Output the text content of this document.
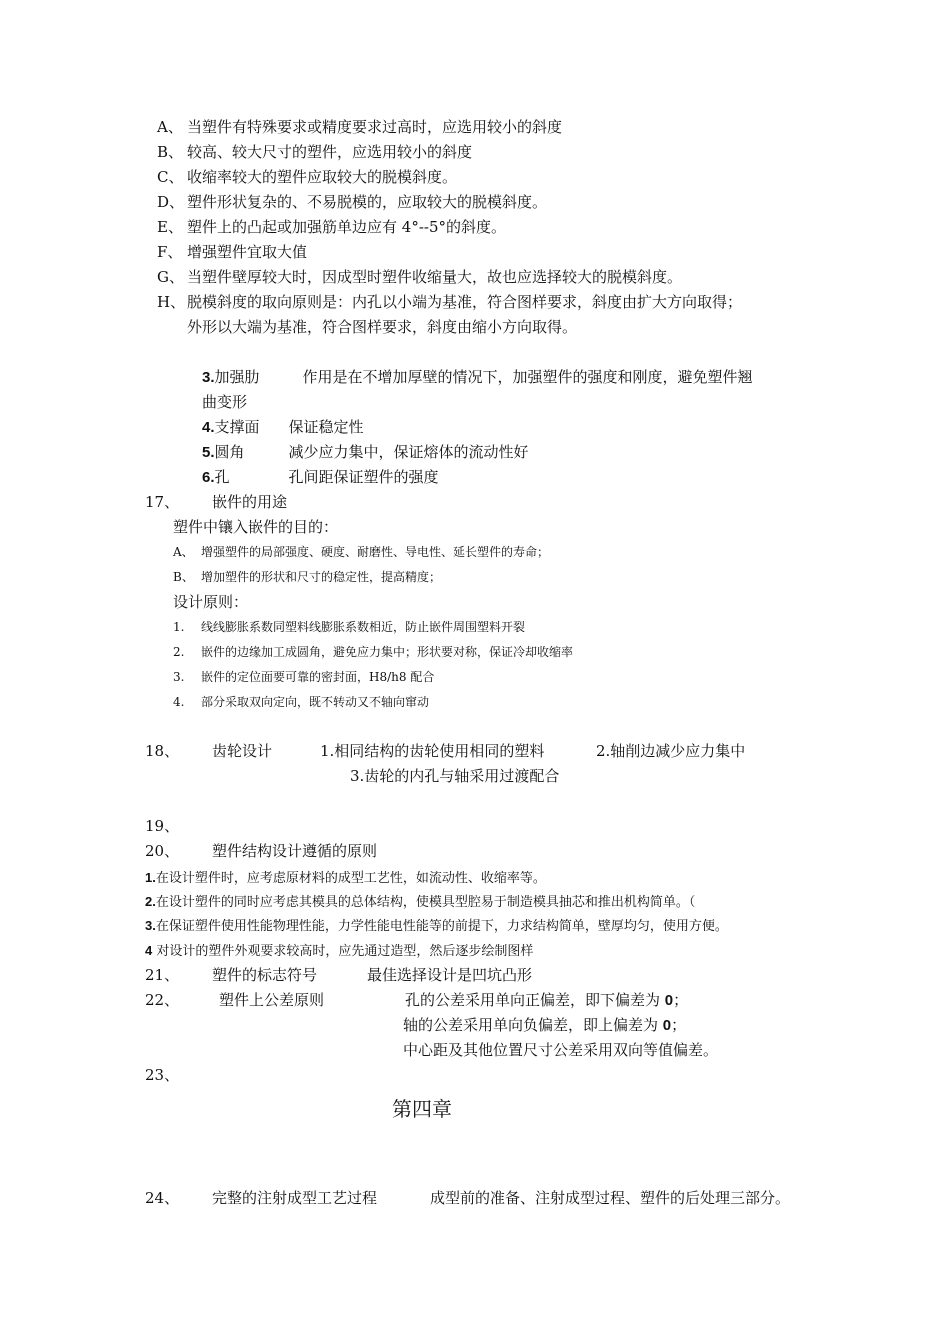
A、 当塑件有特殊要求或精度要求过高时，应选用较小的斜度
B、 较高、较大尺寸的塑件，应选用较小的斜度
C、 收缩率较大的塑件应取较大的脱模斜度。
D、 塑件形状复杂的、不易脱模的，应取较大的脱模斜度。
E、 塑件上的凸起或加强筋单边应有 4°--5°的斜度。
F、 增强塑件宜取大值
G、 当塑件壁厚较大时，因成型时塑件收缩量大，故也应选择较大的脱模斜度。
H、 脱模斜度的取向原则是：内孔以小端为基准，符合图样要求，斜度由扩大方向取得；
外形以大端为基准，符合图样要求，斜度由缩小方向取得。
3.加强肋	作用是在不增加厚壁的情况下，加强塑件的强度和刚度，避免塑件翘
曲变形
4.支撑面 保证稳定性
5.圆角	减少应力集中，保证熔体的流动性好
6.孔	孔间距保证塑件的强度
17、 嵌件的用途
塑件中镶入嵌件的目的：
A、 增强塑件的局部强度、硬度、耐磨性、导电性、延长塑件的寿命；
B、 增加塑件的形状和尺寸的稳定性，提高精度；
设计原则：
1. 线线膨胀系数同塑料线膨胀系数相近，防止嵌件周围塑料开裂
2. 嵌件的边缘加工成圆角，避免应力集中；形状要对称，保证冷却收缩率
3. 嵌件的定位面要可靠的密封面，H8/h8 配合
4. 部分采取双向定向，既不转动又不轴向窜动
18、 齿轮设计	1.相同结构的齿轮使用相同的塑料	2.轴削边减少应力集中
3.齿轮的内孔与轴采用过渡配合
19、
20、 塑件结构设计遵循的原则
1.在设计塑件时，应考虑原材料的成型工艺性，如流动性、收缩率等。
2.在设计塑件的同时应考虑其模具的总体结构，使模具型腔易于制造模具抽芯和推出机构简单。（
3.在保证塑件使用性能物理性能，力学性能电性能等的前提下，力求结构简单，壁厚均匀，使用方便。
4 对设计的塑件外观要求较高时，应先通过造型，然后逐步绘制图样
21、 塑件的标志符号	最佳选择设计是凹坑凸形
22、	塑件上公差原则	孔的公差采用单向正偏差，即下偏差为 0；
轴的公差采用单向负偏差，即上偏差为 0；
中心距及其他位置尺寸公差采用双向等值偏差。
23、
第四章
24、 完整的注射成型工艺过程	成型前的准备、注射成型过程、塑件的后处理三部分。
